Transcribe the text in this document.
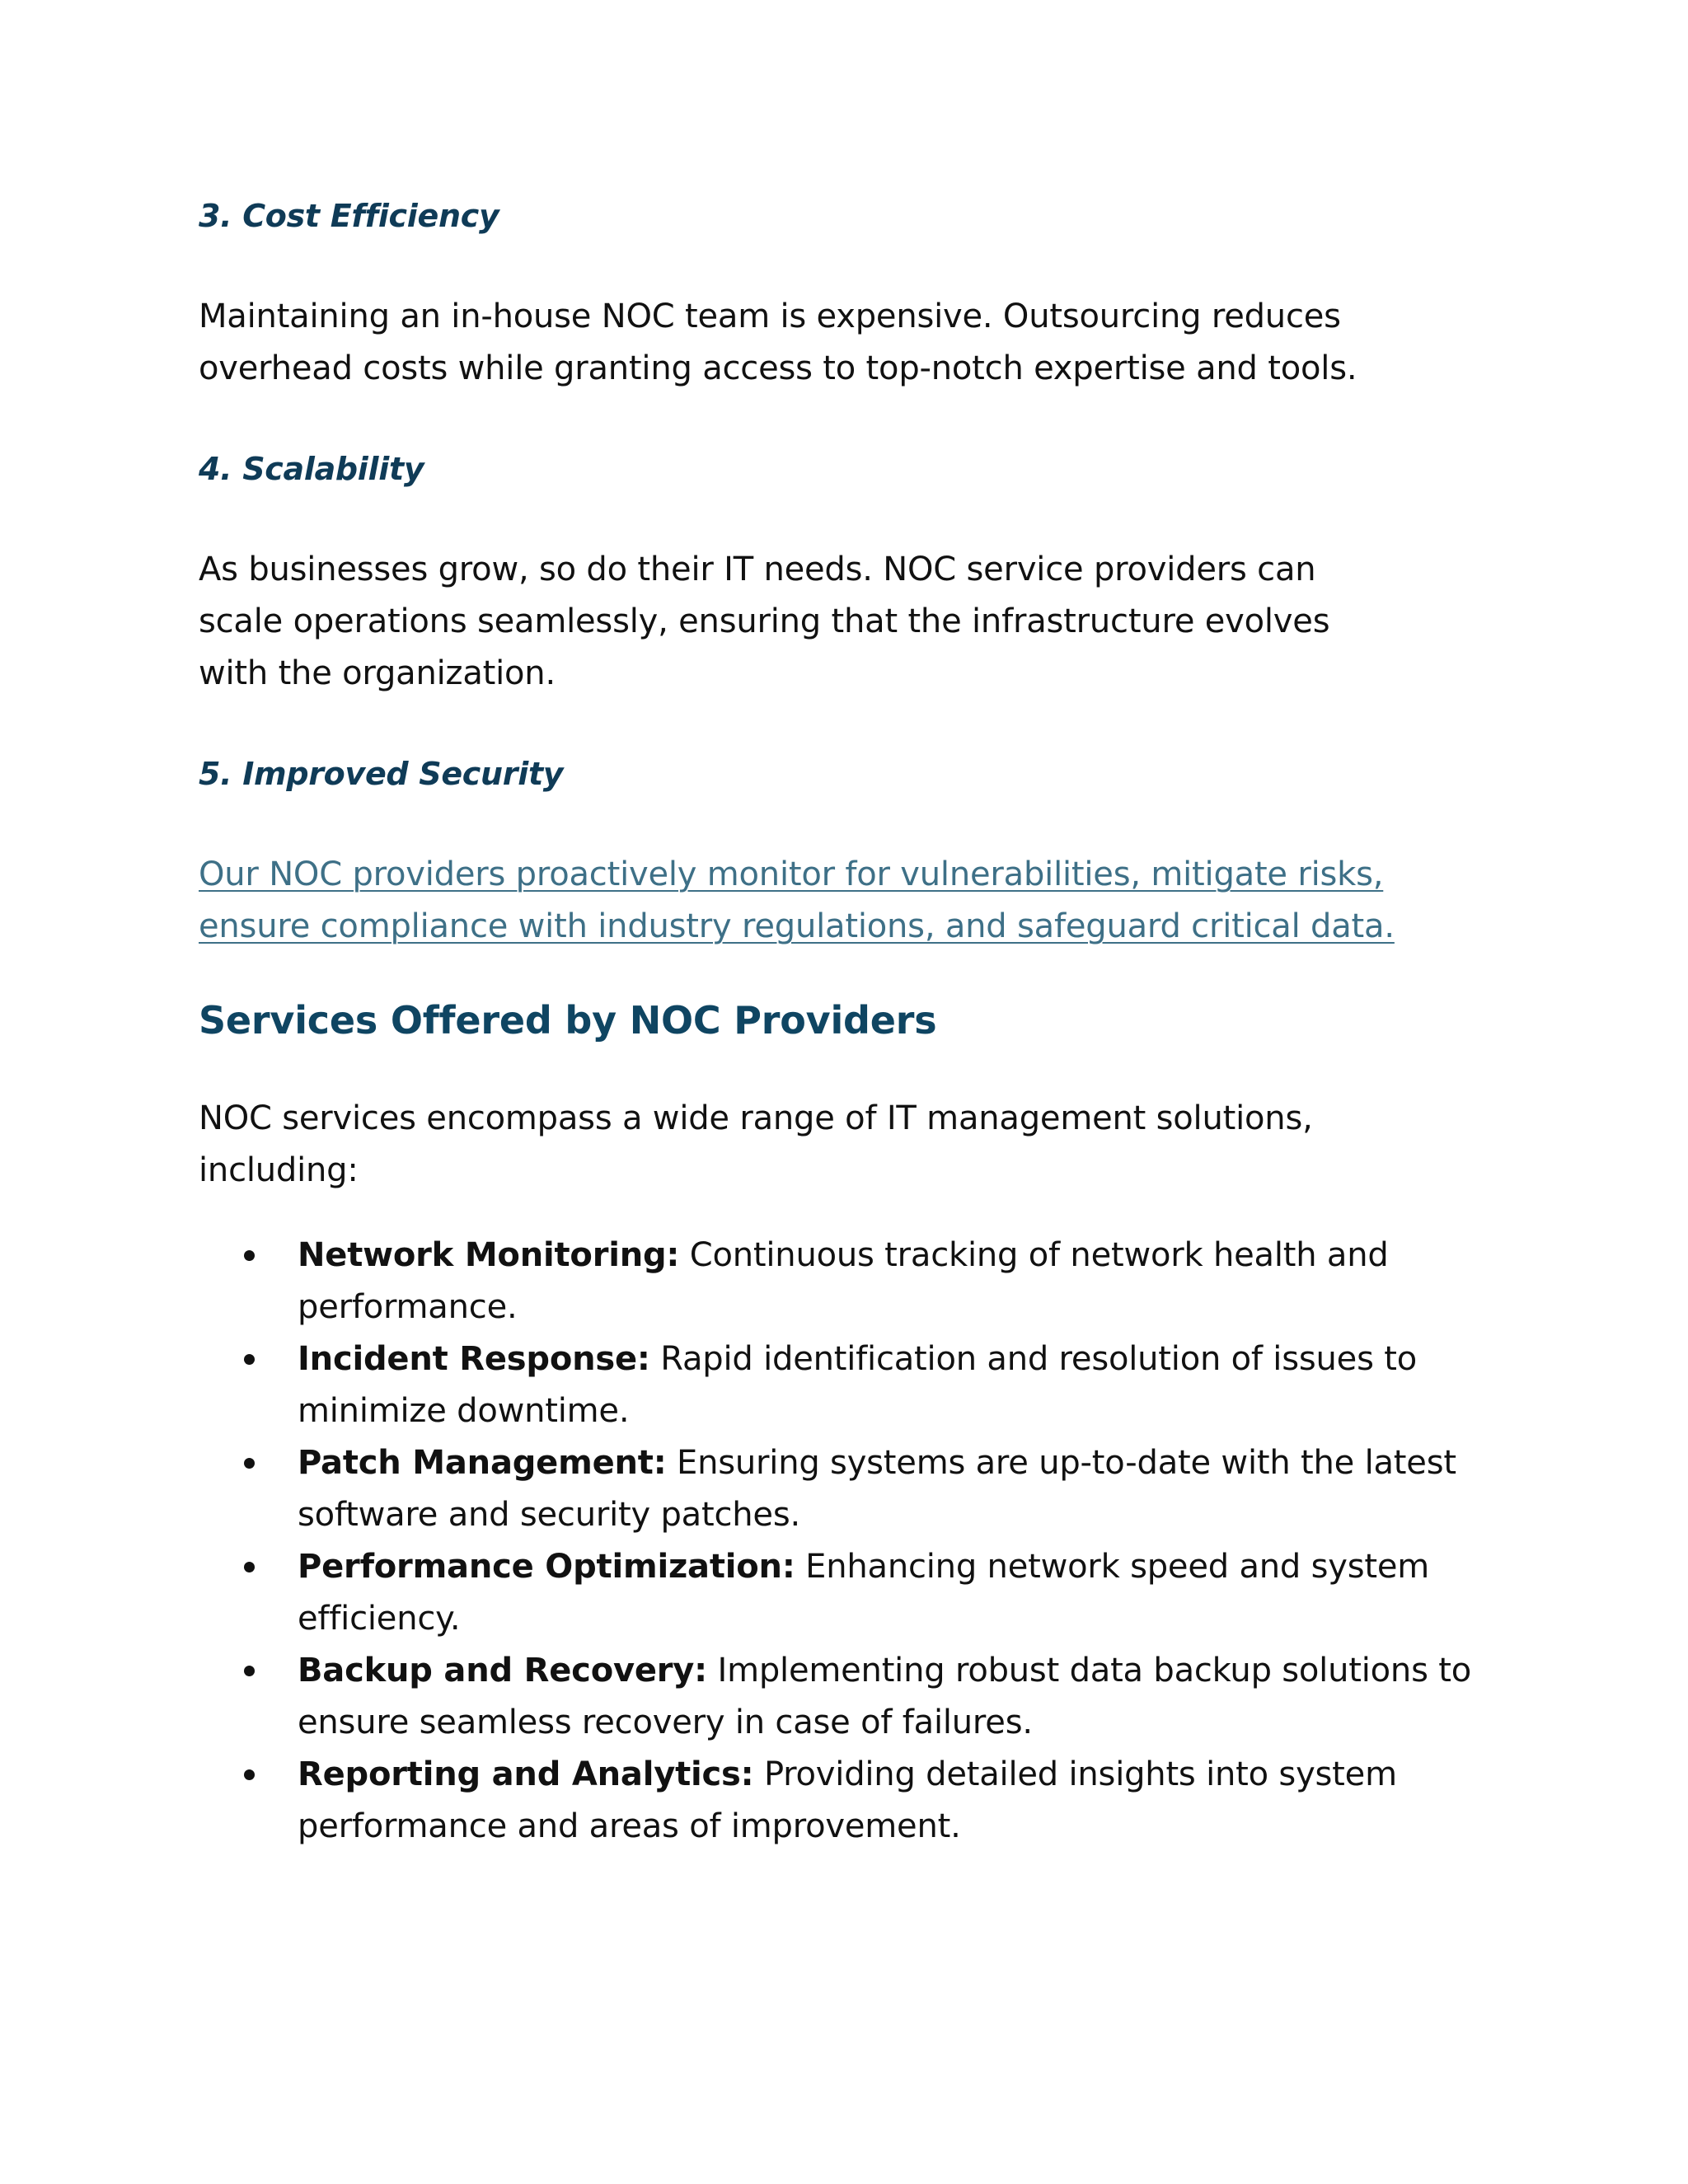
3. Cost Efficiency

Maintaining an in-house NOC team is expensive. Outsourcing reduces overhead costs while granting access to top-notch expertise and tools.

4. Scalability

As businesses grow, so do their IT needs. NOC service providers can scale operations seamlessly, ensuring that the infrastructure evolves with the organization.

5. Improved Security

Our NOC providers proactively monitor for vulnerabilities, mitigate risks, ensure compliance with industry regulations, and safeguard critical data.

Services Offered by NOC Providers

NOC services encompass a wide range of IT management solutions, including:

Network Monitoring: Continuous tracking of network health and performance.
Incident Response: Rapid identification and resolution of issues to minimize downtime.
Patch Management: Ensuring systems are up-to-date with the latest software and security patches.
Performance Optimization: Enhancing network speed and system efficiency.
Backup and Recovery: Implementing robust data backup solutions to ensure seamless recovery in case of failures.
Reporting and Analytics: Providing detailed insights into system performance and areas of improvement.
